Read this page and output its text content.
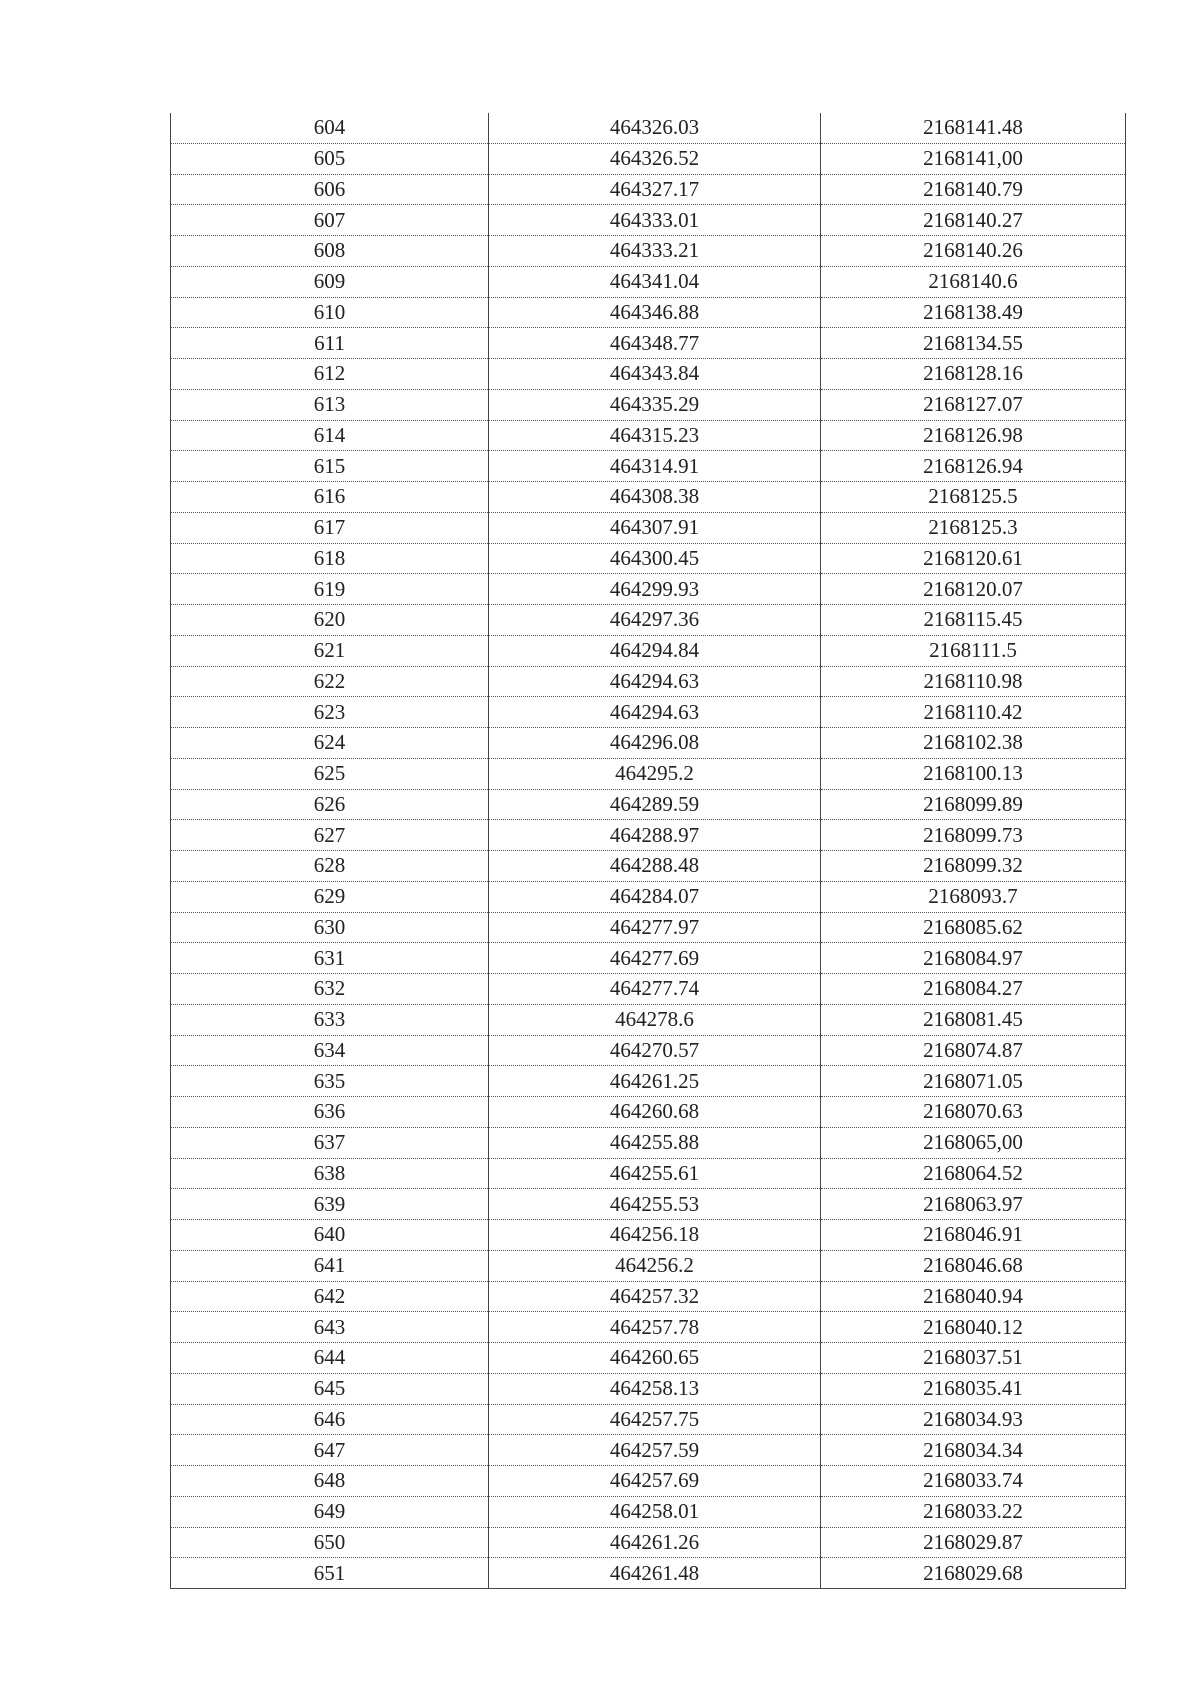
604	464326.03	2168141.48
605	464326.52	2168141,00
606	464327.17	2168140.79
607	464333.01	2168140.27
608	464333.21	2168140.26
609	464341.04	2168140.6
610	464346.88	2168138.49
611	464348.77	2168134.55
612	464343.84	2168128.16
613	464335.29	2168127.07
614	464315.23	2168126.98
615	464314.91	2168126.94
616	464308.38	2168125.5
617	464307.91	2168125.3
618	464300.45	2168120.61
619	464299.93	2168120.07
620	464297.36	2168115.45
621	464294.84	2168111.5
622	464294.63	2168110.98
623	464294.63	2168110.42
624	464296.08	2168102.38
625	464295.2	2168100.13
626	464289.59	2168099.89
627	464288.97	2168099.73
628	464288.48	2168099.32
629	464284.07	2168093.7
630	464277.97	2168085.62
631	464277.69	2168084.97
632	464277.74	2168084.27
633	464278.6	2168081.45
634	464270.57	2168074.87
635	464261.25	2168071.05
636	464260.68	2168070.63
637	464255.88	2168065,00
638	464255.61	2168064.52
639	464255.53	2168063.97
640	464256.18	2168046.91
641	464256.2	2168046.68
642	464257.32	2168040.94
643	464257.78	2168040.12
644	464260.65	2168037.51
645	464258.13	2168035.41
646	464257.75	2168034.93
647	464257.59	2168034.34
648	464257.69	2168033.74
649	464258.01	2168033.22
650	464261.26	2168029.87
651	464261.48	2168029.68
